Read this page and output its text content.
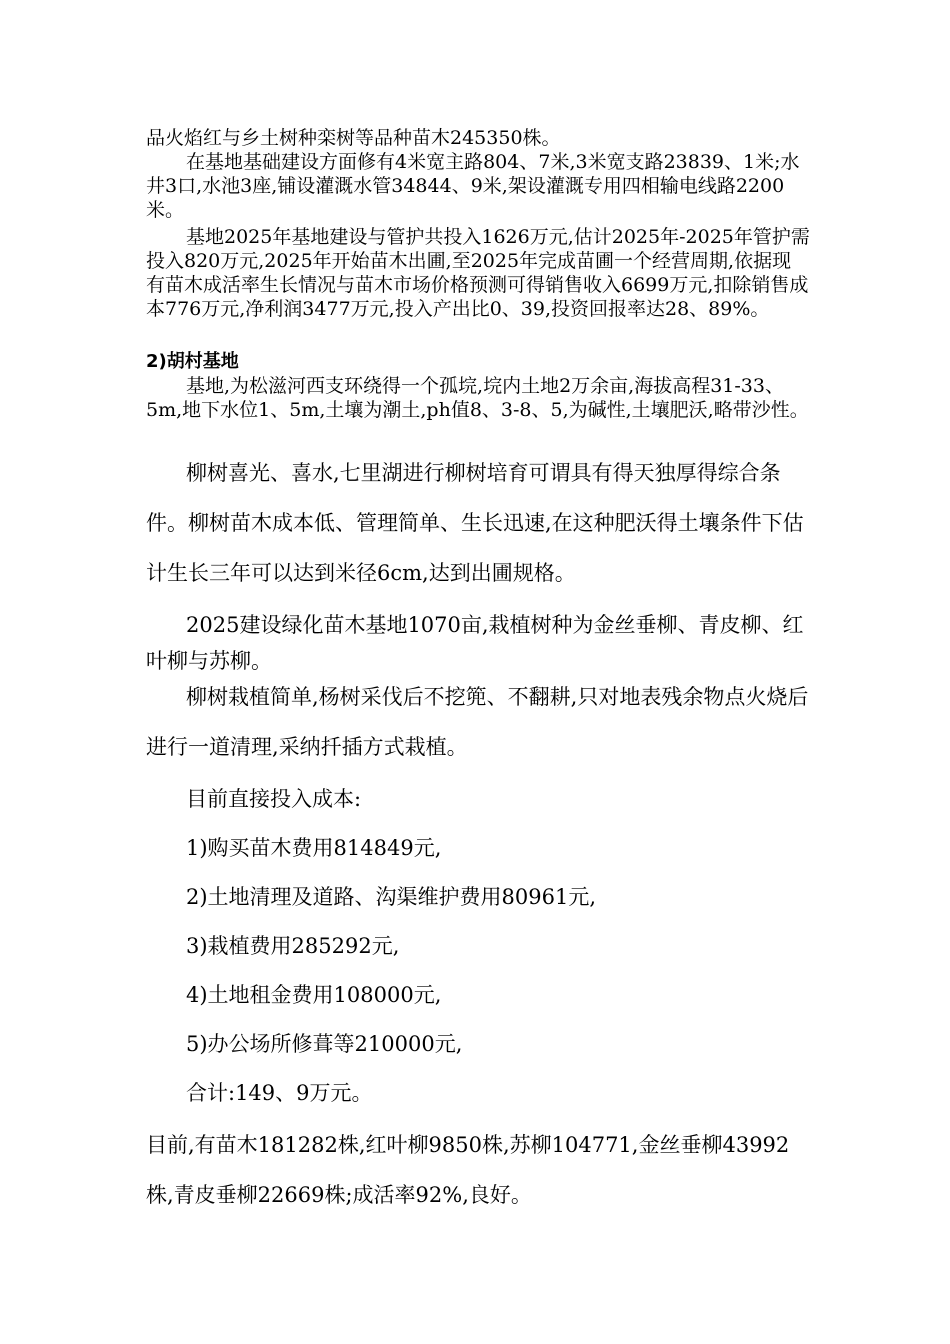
品火焰红与乡土树种栾树等品种苗木245350株。

在基地基础建设方面修有4米宽主路804、7米,3米宽支路23839、1米;水井3口,水池3座,铺设灌溉水管34844、9米,架设灌溉专用四相输电线路2200米。

基地2025年基地建设与管护共投入1626万元,估计2025年-2025年管护需投入820万元,2025年开始苗木出圃,至2025年完成苗圃一个经营周期,依据现有苗木成活率生长情况与苗木市场价格预测可得销售收入6699万元,扣除销售成本776万元,净利润3477万元,投入产出比0、39,投资回报率达28、89%。

2)胡村基地

基地,为松滋河西支环绕得一个孤垸,垸内土地2万余亩,海拔高程31-33、5m,地下水位1、5m,土壤为潮土,ph值8、3-8、5,为碱性,土壤肥沃,略带沙性。

柳树喜光、喜水,七里湖进行柳树培育可谓具有得天独厚得综合条件。柳树苗木成本低、管理简单、生长迅速,在这种肥沃得土壤条件下估计生长三年可以达到米径6cm,达到出圃规格。

2025建设绿化苗木基地1070亩,栽植树种为金丝垂柳、青皮柳、红叶柳与苏柳。

柳树栽植简单,杨树采伐后不挖篼、不翻耕,只对地表残余物点火烧后进行一道清理,采纳扦插方式栽植。

目前直接投入成本:

1)购买苗木费用814849元,

2)土地清理及道路、沟渠维护费用80961元,

3)栽植费用285292元,

4)土地租金费用108000元,

5)办公场所修葺等210000元,

合计:149、9万元。

目前,有苗木181282株,红叶柳9850株,苏柳104771,金丝垂柳43992株,青皮垂柳22669株;成活率92%,良好。
